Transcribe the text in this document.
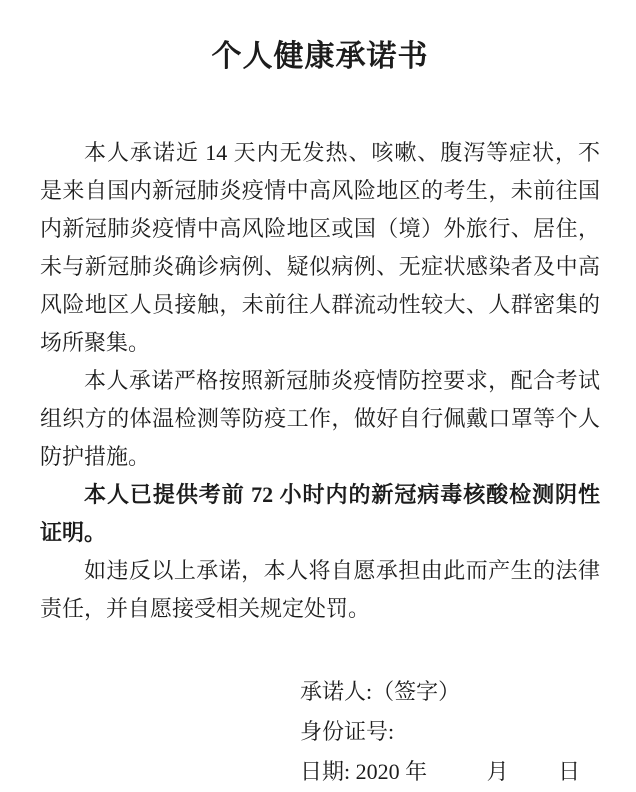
个人健康承诺书

本人承诺近 14 天内无发热、咳嗽、腹泻等症状，不是来自国内新冠肺炎疫情中高风险地区的考生，未前往国内新冠肺炎疫情中高风险地区或国（境）外旅行、居住，未与新冠肺炎确诊病例、疑似病例、无症状感染者及中高风险地区人员接触，未前往人群流动性较大、人群密集的场所聚集。

本人承诺严格按照新冠肺炎疫情防控要求，配合考试组织方的体温检测等防疫工作，做好自行佩戴口罩等个人防护措施。

本人已提供考前 72 小时内的新冠病毒核酸检测阴性证明。

如违反以上承诺，本人将自愿承担由此而产生的法律责任，并自愿接受相关规定处罚。

承诺人:（签字）
身份证号:
日期: 2020 年	月 日
